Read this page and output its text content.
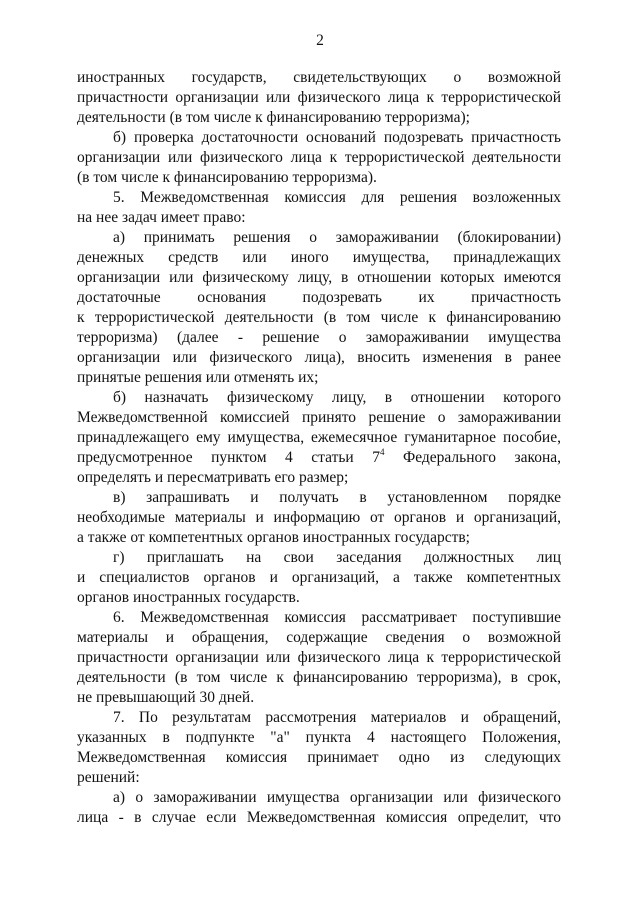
2

иностранных государств, свидетельствующих о возможной
причастности организации или физического лица к террористической
деятельности (в том числе к финансированию терроризма);

б) проверка достаточности оснований подозревать причастность
организации или физического лица к террористической деятельности
(в том числе к финансированию терроризма).

5. Межведомственная комиссия для решения возложенных
на нее задач имеет право:

а) принимать решения о замораживании (блокировании)
денежных средств или иного имущества, принадлежащих
организации или физическому лицу, в отношении которых имеются
достаточные основания подозревать их причастность
к террористической деятельности (в том числе к финансированию
терроризма) (далее - решение о замораживании имущества
организации или физического лица), вносить изменения в ранее
принятые решения или отменять их;

б) назначать физическому лицу, в отношении которого
Межведомственной комиссией принято решение о замораживании
принадлежащего ему имущества, ежемесячное гуманитарное пособие,
предусмотренное пунктом 4 статьи $7^4$ Федерального закона,
определять и пересматривать его размер;

в) запрашивать и получать в установленном порядке
необходимые материалы и информацию от органов и организаций,
а также от компетентных органов иностранных государств;

г) приглашать на свои заседания должностных лиц
и специалистов органов и организаций, а также компетентных
органов иностранных государств.

6. Межведомственная комиссия рассматривает поступившие
материалы и обращения, содержащие сведения о возможной
причастности организации или физического лица к террористической
деятельности (в том числе к финансированию терроризма), в срок,
не превышающий 30 дней.

7. По результатам рассмотрения материалов и обращений,
указанных в подпункте "а" пункта 4 настоящего Положения,
Межведомственная комиссия принимает одно из следующих
решений:

а) о замораживании имущества организации или физического
лица - в случае если Межведомственная комиссия определит, что
